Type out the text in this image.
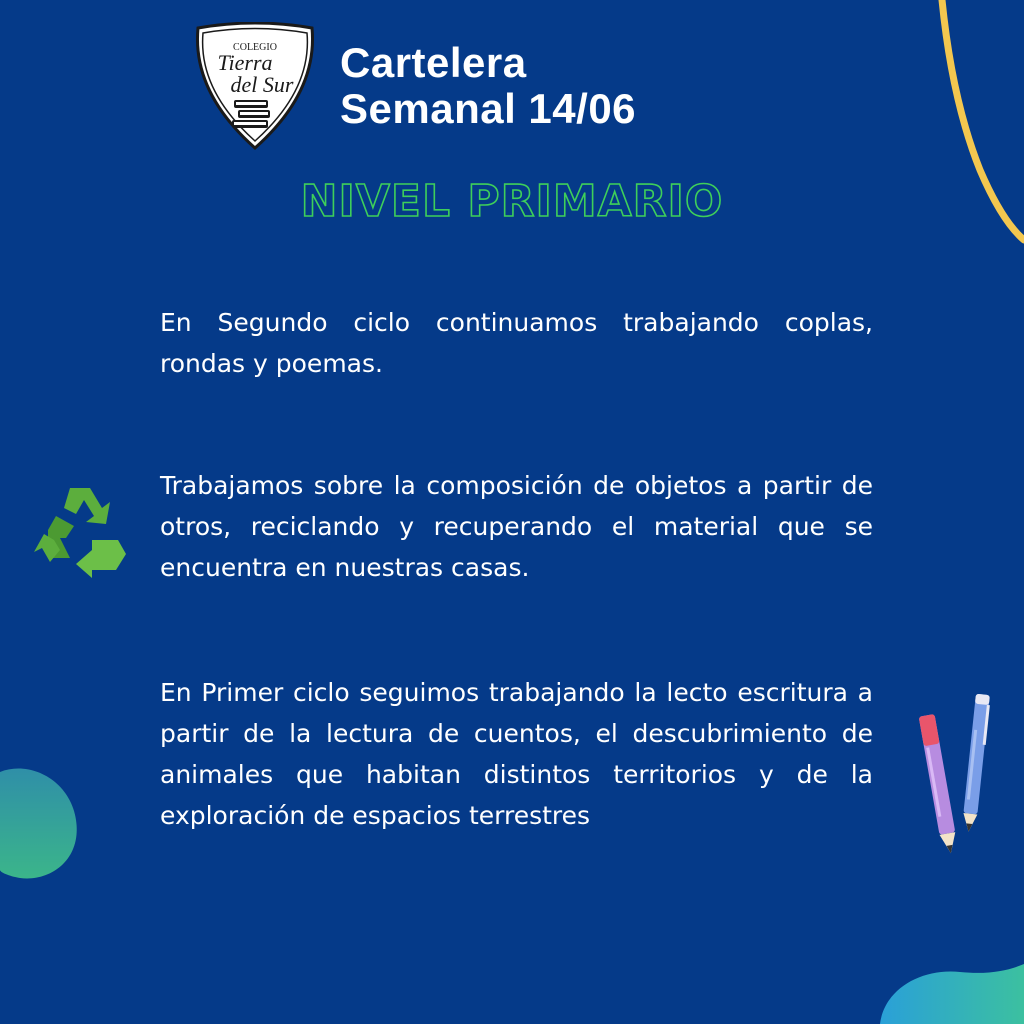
COLEGIO
Tierra
del Sur Cartelera
Semanal 14/06
NIVEL PRIMARIO
En Segundo ciclo continuamos trabajando coplas, rondas y poemas.
Trabajamos sobre la composición de objetos a partir de otros, reciclando y recuperando el material que se encuentra en nuestras casas.
En Primer ciclo seguimos trabajando la lecto escritura a partir de la lectura de cuentos, el descubrimiento de animales que habitan distintos territorios y de la exploración de espacios terrestres
